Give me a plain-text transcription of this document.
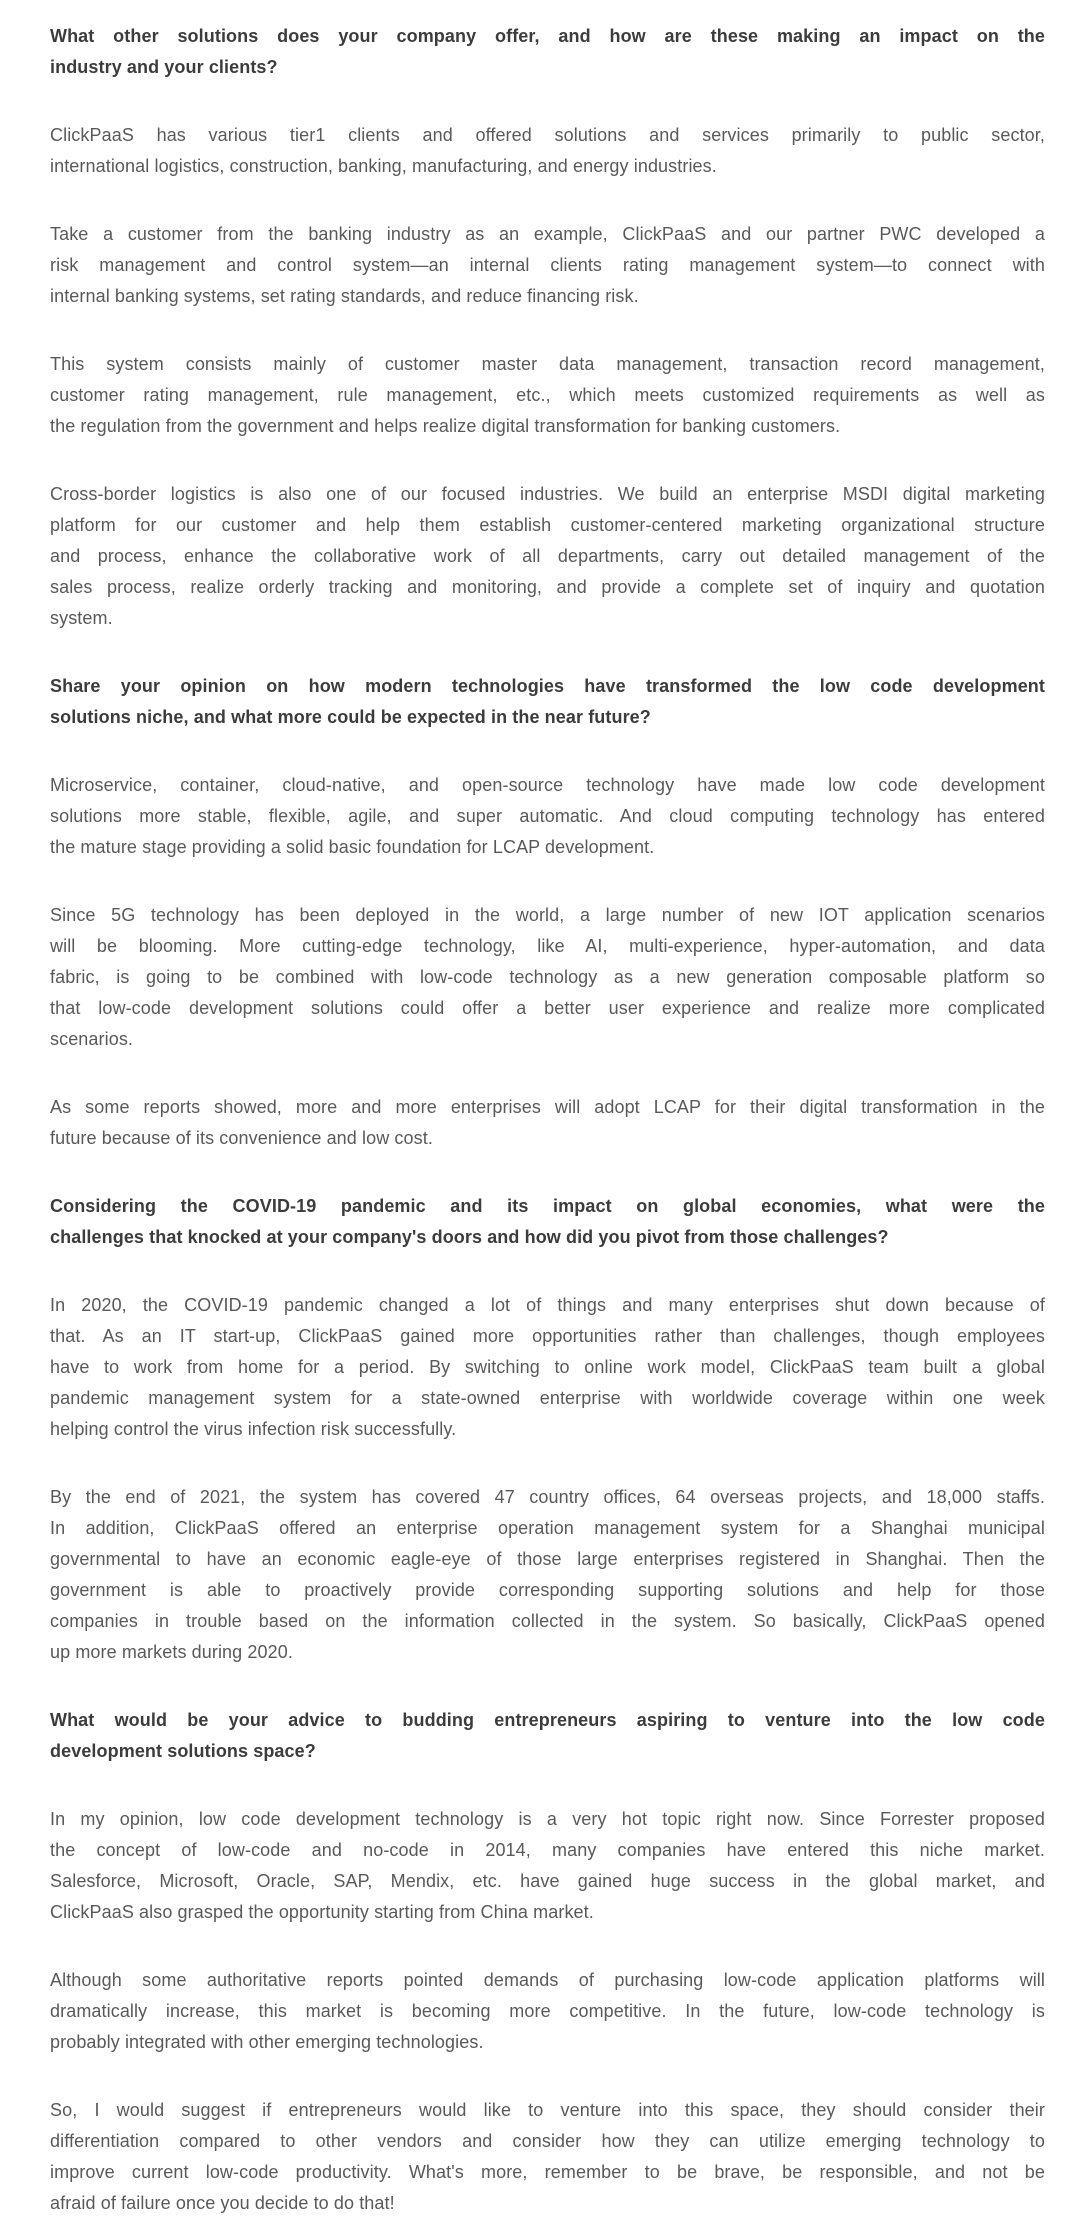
What other solutions does your company offer, and how are these making an impact on the
industry and your clients?

ClickPaaS has various tier1 clients and offered solutions and services primarily to public sector,
international logistics, construction, banking, manufacturing, and energy industries.

Take a customer from the banking industry as an example, ClickPaaS and our partner PWC developed a
risk management and control system—an internal clients rating management system—to connect with
internal banking systems, set rating standards, and reduce financing risk.

This system consists mainly of customer master data management, transaction record management,
customer rating management, rule management, etc., which meets customized requirements as well as
the regulation from the government and helps realize digital transformation for banking customers.

Cross-border logistics is also one of our focused industries. We build an enterprise MSDI digital marketing
platform for our customer and help them establish customer-centered marketing organizational structure
and process, enhance the collaborative work of all departments, carry out detailed management of the
sales process, realize orderly tracking and monitoring, and provide a complete set of inquiry and quotation
system.

Share your opinion on how modern technologies have transformed the low code development
solutions niche, and what more could be expected in the near future?

Microservice, container, cloud-native, and open-source technology have made low code development
solutions more stable, flexible, agile, and super automatic. And cloud computing technology has entered
the mature stage providing a solid basic foundation for LCAP development.

Since 5G technology has been deployed in the world, a large number of new IOT application scenarios
will be blooming. More cutting-edge technology, like AI, multi-experience, hyper-automation, and data
fabric, is going to be combined with low-code technology as a new generation composable platform so
that low-code development solutions could offer a better user experience and realize more complicated
scenarios.

As some reports showed, more and more enterprises will adopt LCAP for their digital transformation in the
future because of its convenience and low cost.

Considering the COVID-19 pandemic and its impact on global economies, what were the
challenges that knocked at your company's doors and how did you pivot from those challenges?

In 2020, the COVID-19 pandemic changed a lot of things and many enterprises shut down because of
that. As an IT start-up, ClickPaaS gained more opportunities rather than challenges, though employees
have to work from home for a period. By switching to online work model, ClickPaaS team built a global
pandemic management system for a state-owned enterprise with worldwide coverage within one week
helping control the virus infection risk successfully.

By the end of 2021, the system has covered 47 country offices, 64 overseas projects, and 18,000 staffs.
In addition, ClickPaaS offered an enterprise operation management system for a Shanghai municipal
governmental to have an economic eagle-eye of those large enterprises registered in Shanghai. Then the
government is able to proactively provide corresponding supporting solutions and help for those
companies in trouble based on the information collected in the system. So basically, ClickPaaS opened
up more markets during 2020.

What would be your advice to budding entrepreneurs aspiring to venture into the low code
development solutions space?

In my opinion, low code development technology is a very hot topic right now. Since Forrester proposed
the concept of low-code and no-code in 2014, many companies have entered this niche market.
Salesforce, Microsoft, Oracle, SAP, Mendix, etc. have gained huge success in the global market, and
ClickPaaS also grasped the opportunity starting from China market.

Although some authoritative reports pointed demands of purchasing low-code application platforms will
dramatically increase, this market is becoming more competitive. In the future, low-code technology is
probably integrated with other emerging technologies.

So, I would suggest if entrepreneurs would like to venture into this space, they should consider their
differentiation compared to other vendors and consider how they can utilize emerging technology to
improve current low-code productivity. What's more, remember to be brave, be responsible, and not be
afraid of failure once you decide to do that!
